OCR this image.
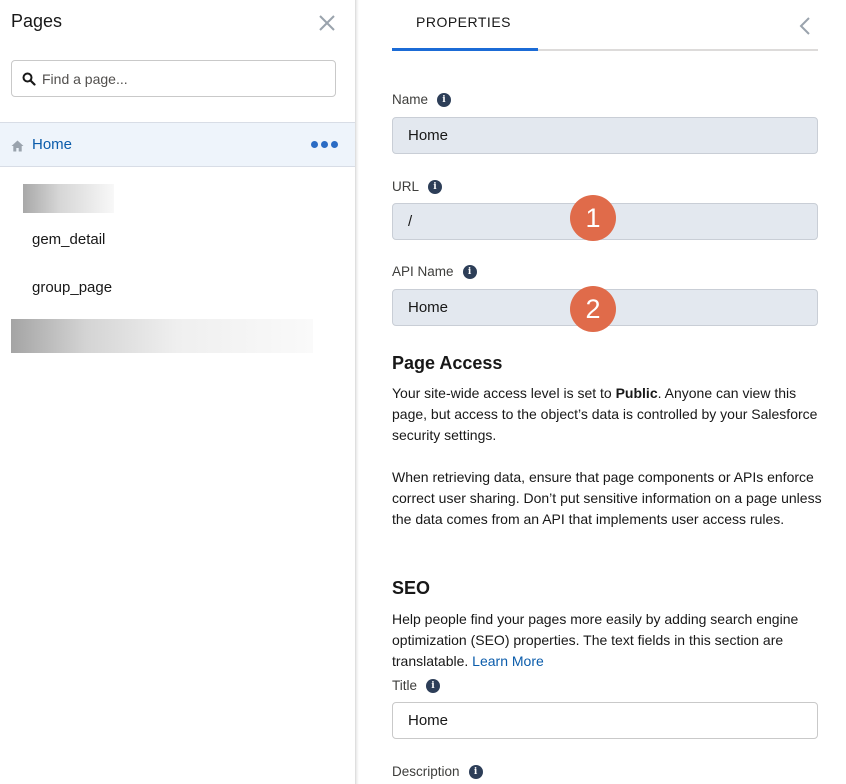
Pages
Find a page...
Home
gem_detail
group_page
PROPERTIES
Name	i
Home
URL	i
/	1
API Name	i
Home	2
Page Access
Your site-wide access level is set to Public. Anyone can view this page, but access to the object’s data is controlled by your Salesforce security settings.
When retrieving data, ensure that page components or APIs enforce correct user sharing. Don’t put sensitive information on a page unless the data comes from an API that implements user access rules.
SEO
Help people find your pages more easily by adding search engine optimization (SEO) properties. The text fields in this section are translatable. Learn More
Title	i
Home
Description	i
